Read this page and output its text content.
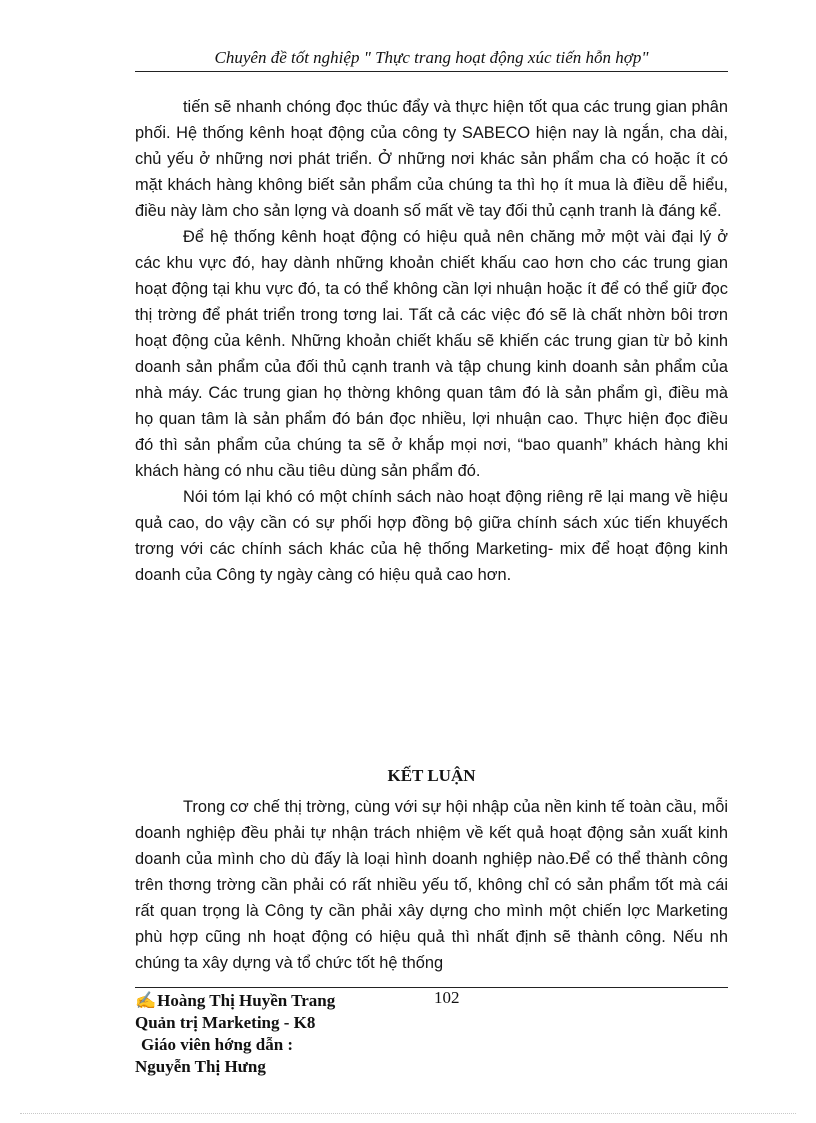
Chuyên đề tốt nghiệp " Thực trang hoạt động xúc tiến hỗn hợp"

tiến sẽ nhanh chóng đọc thúc đẩy và thực hiện tốt qua các trung gian phân phối. Hệ thống kênh hoạt động của công ty SABECO hiện nay là ngắn, cha dài, chủ yếu ở những nơi phát triển. Ở những nơi khác sản phẩm cha có hoặc ít có mặt khách hàng không biết sản phẩm của chúng ta thì họ ít mua là điều dễ hiểu, điều này làm cho sản lợng và doanh số mất về tay đối thủ cạnh tranh là đáng kể.

Để hệ thống kênh hoạt động có hiệu quả nên chăng mở một vài đại lý ở các khu vực đó, hay dành những khoản chiết khấu cao hơn cho các trung gian hoạt động tại khu vực đó, ta có thể không cần lợi nhuận hoặc ít để có thể giữ đọc thị trờng để phát triển trong tơng lai. Tất cả các việc đó sẽ là chất nhờn bôi trơn hoạt động của kênh. Những khoản chiết khấu sẽ khiến các trung gian từ bỏ kinh doanh sản phẩm của đối thủ cạnh tranh và tập chung kinh doanh sản phẩm của nhà máy. Các trung gian họ thờng không quan tâm đó là sản phẩm gì, điều mà họ quan tâm là sản phẩm đó bán đọc nhiều, lợi nhuận cao. Thực hiện đọc điều đó thì sản phẩm của chúng ta sẽ ở khắp mọi nơi, “bao quanh” khách hàng khi khách hàng có nhu cầu tiêu dùng sản phẩm đó.

Nói tóm lại khó có một chính sách nào hoạt động riêng rẽ lại mang về hiệu quả cao, do vậy cần có sự phối hợp đồng bộ giữa chính sách xúc tiến khuyếch trơng với các chính sách khác của hệ thống Marketing- mix để hoạt động kinh doanh của Công ty ngày càng có hiệu quả cao hơn.

KẾT LUẬN

Trong cơ chế thị trờng, cùng với sự hội nhập của nền kinh tế toàn cầu, mỗi doanh nghiệp đều phải tự nhận trách nhiệm về kết quả hoạt động sản xuất kinh doanh của mình cho dù đấy là loại hình doanh nghiệp nào.Để có thể thành công trên thơng trờng cần phải có rất nhiều yếu tố, không chỉ có sản phẩm tốt mà cái rất quan trọng là Công ty cần phải xây dựng cho mình một chiến lợc Marketing phù hợp cũng nh hoạt động có hiệu quả thì nhất định sẽ thành công. Nếu nh chúng ta xây dựng và tổ chức tốt hệ thống

✍Hoàng Thị Huyền Trang
Quản trị Marketing - K8
Giáo viên hớng dẫn :
Nguyễn Thị Hưng
102
